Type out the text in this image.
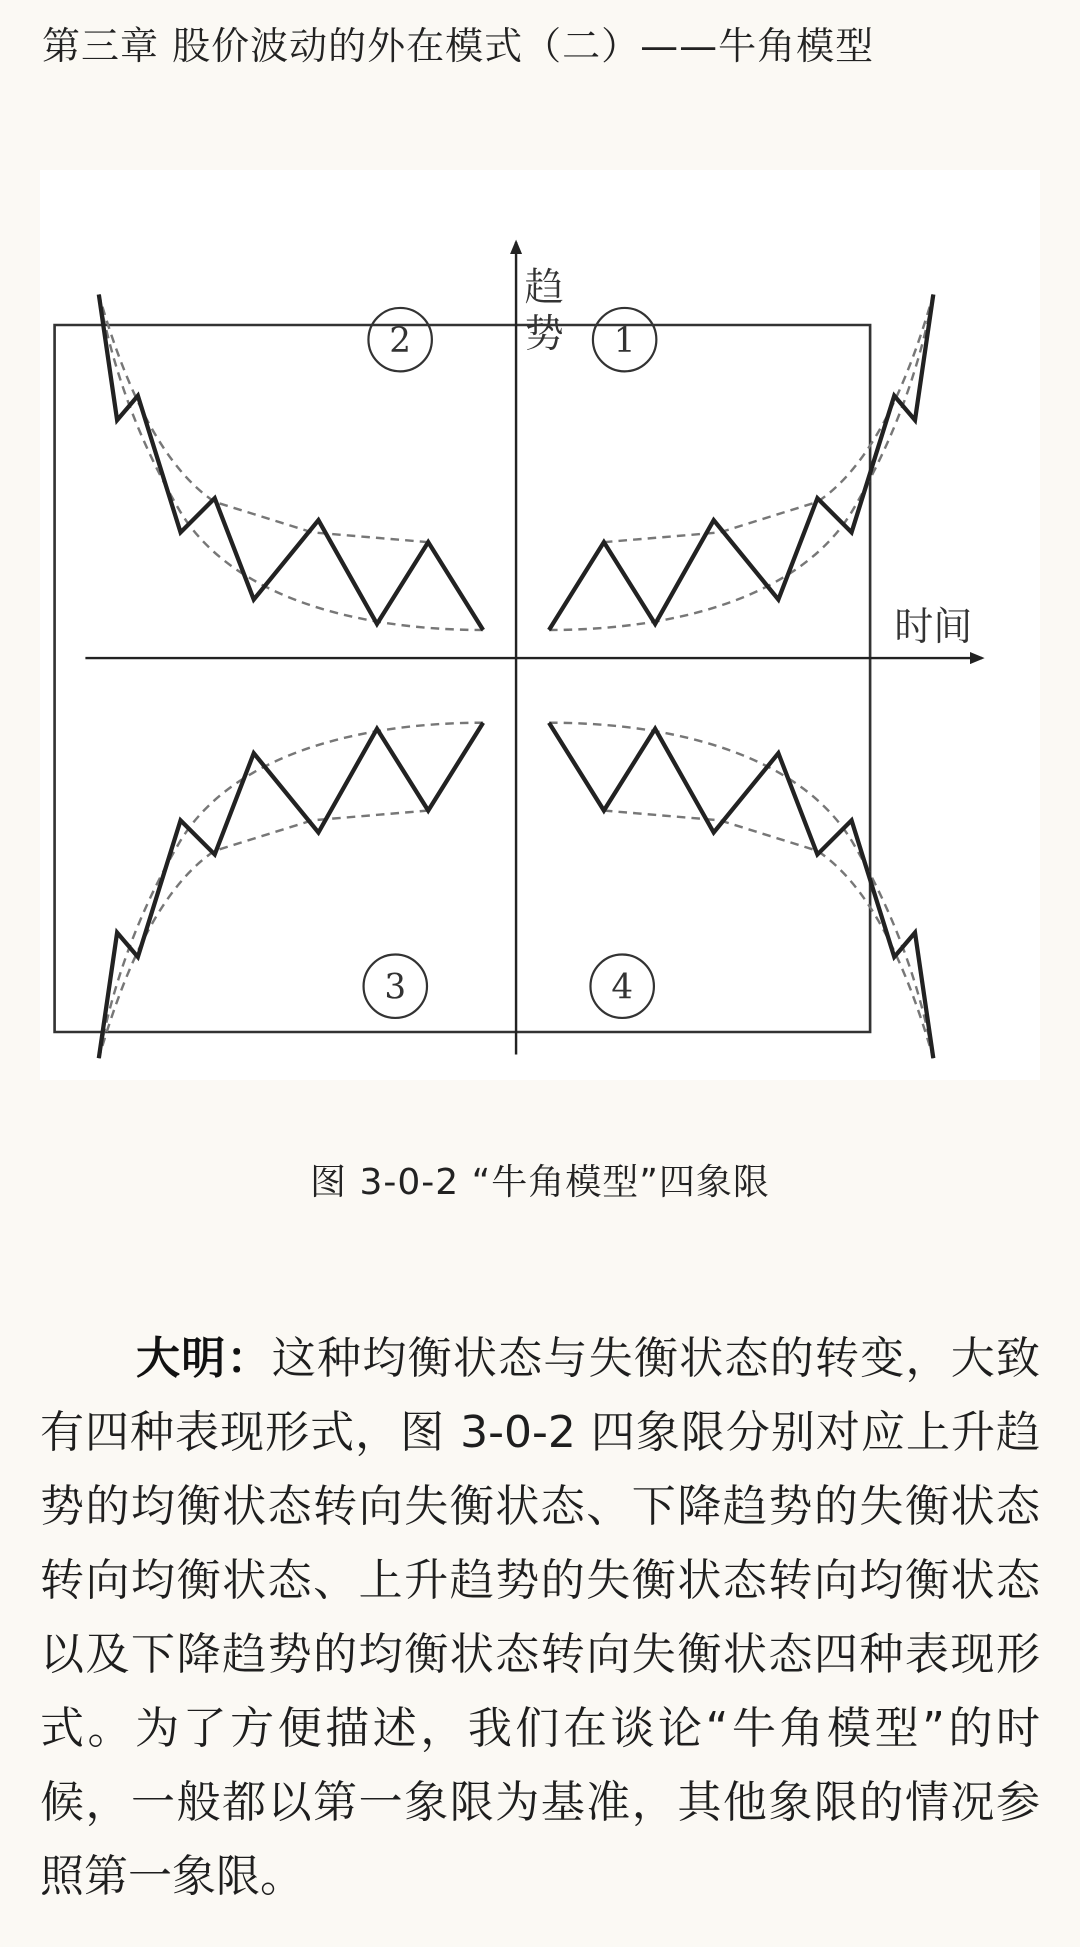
第三章 股价波动的外在模式（二）——牛角模型
1
2
3	4
趋
势
时间
图 3-0-2 “牛角模型”四象限

大明：这种均衡状态与失衡状态的转变，大致有四种表现形式，图 3-0-2 四象限分别对应上升趋势的均衡状态转向失衡状态、下降趋势的失衡状态转向均衡状态、上升趋势的失衡状态转向均衡状态以及下降趋势的均衡状态转向失衡状态四种表现形式。为了方便描述，我们在谈论“牛角模型”的时候，一般都以第一象限为基准，其他象限的情况参照第一象限。
